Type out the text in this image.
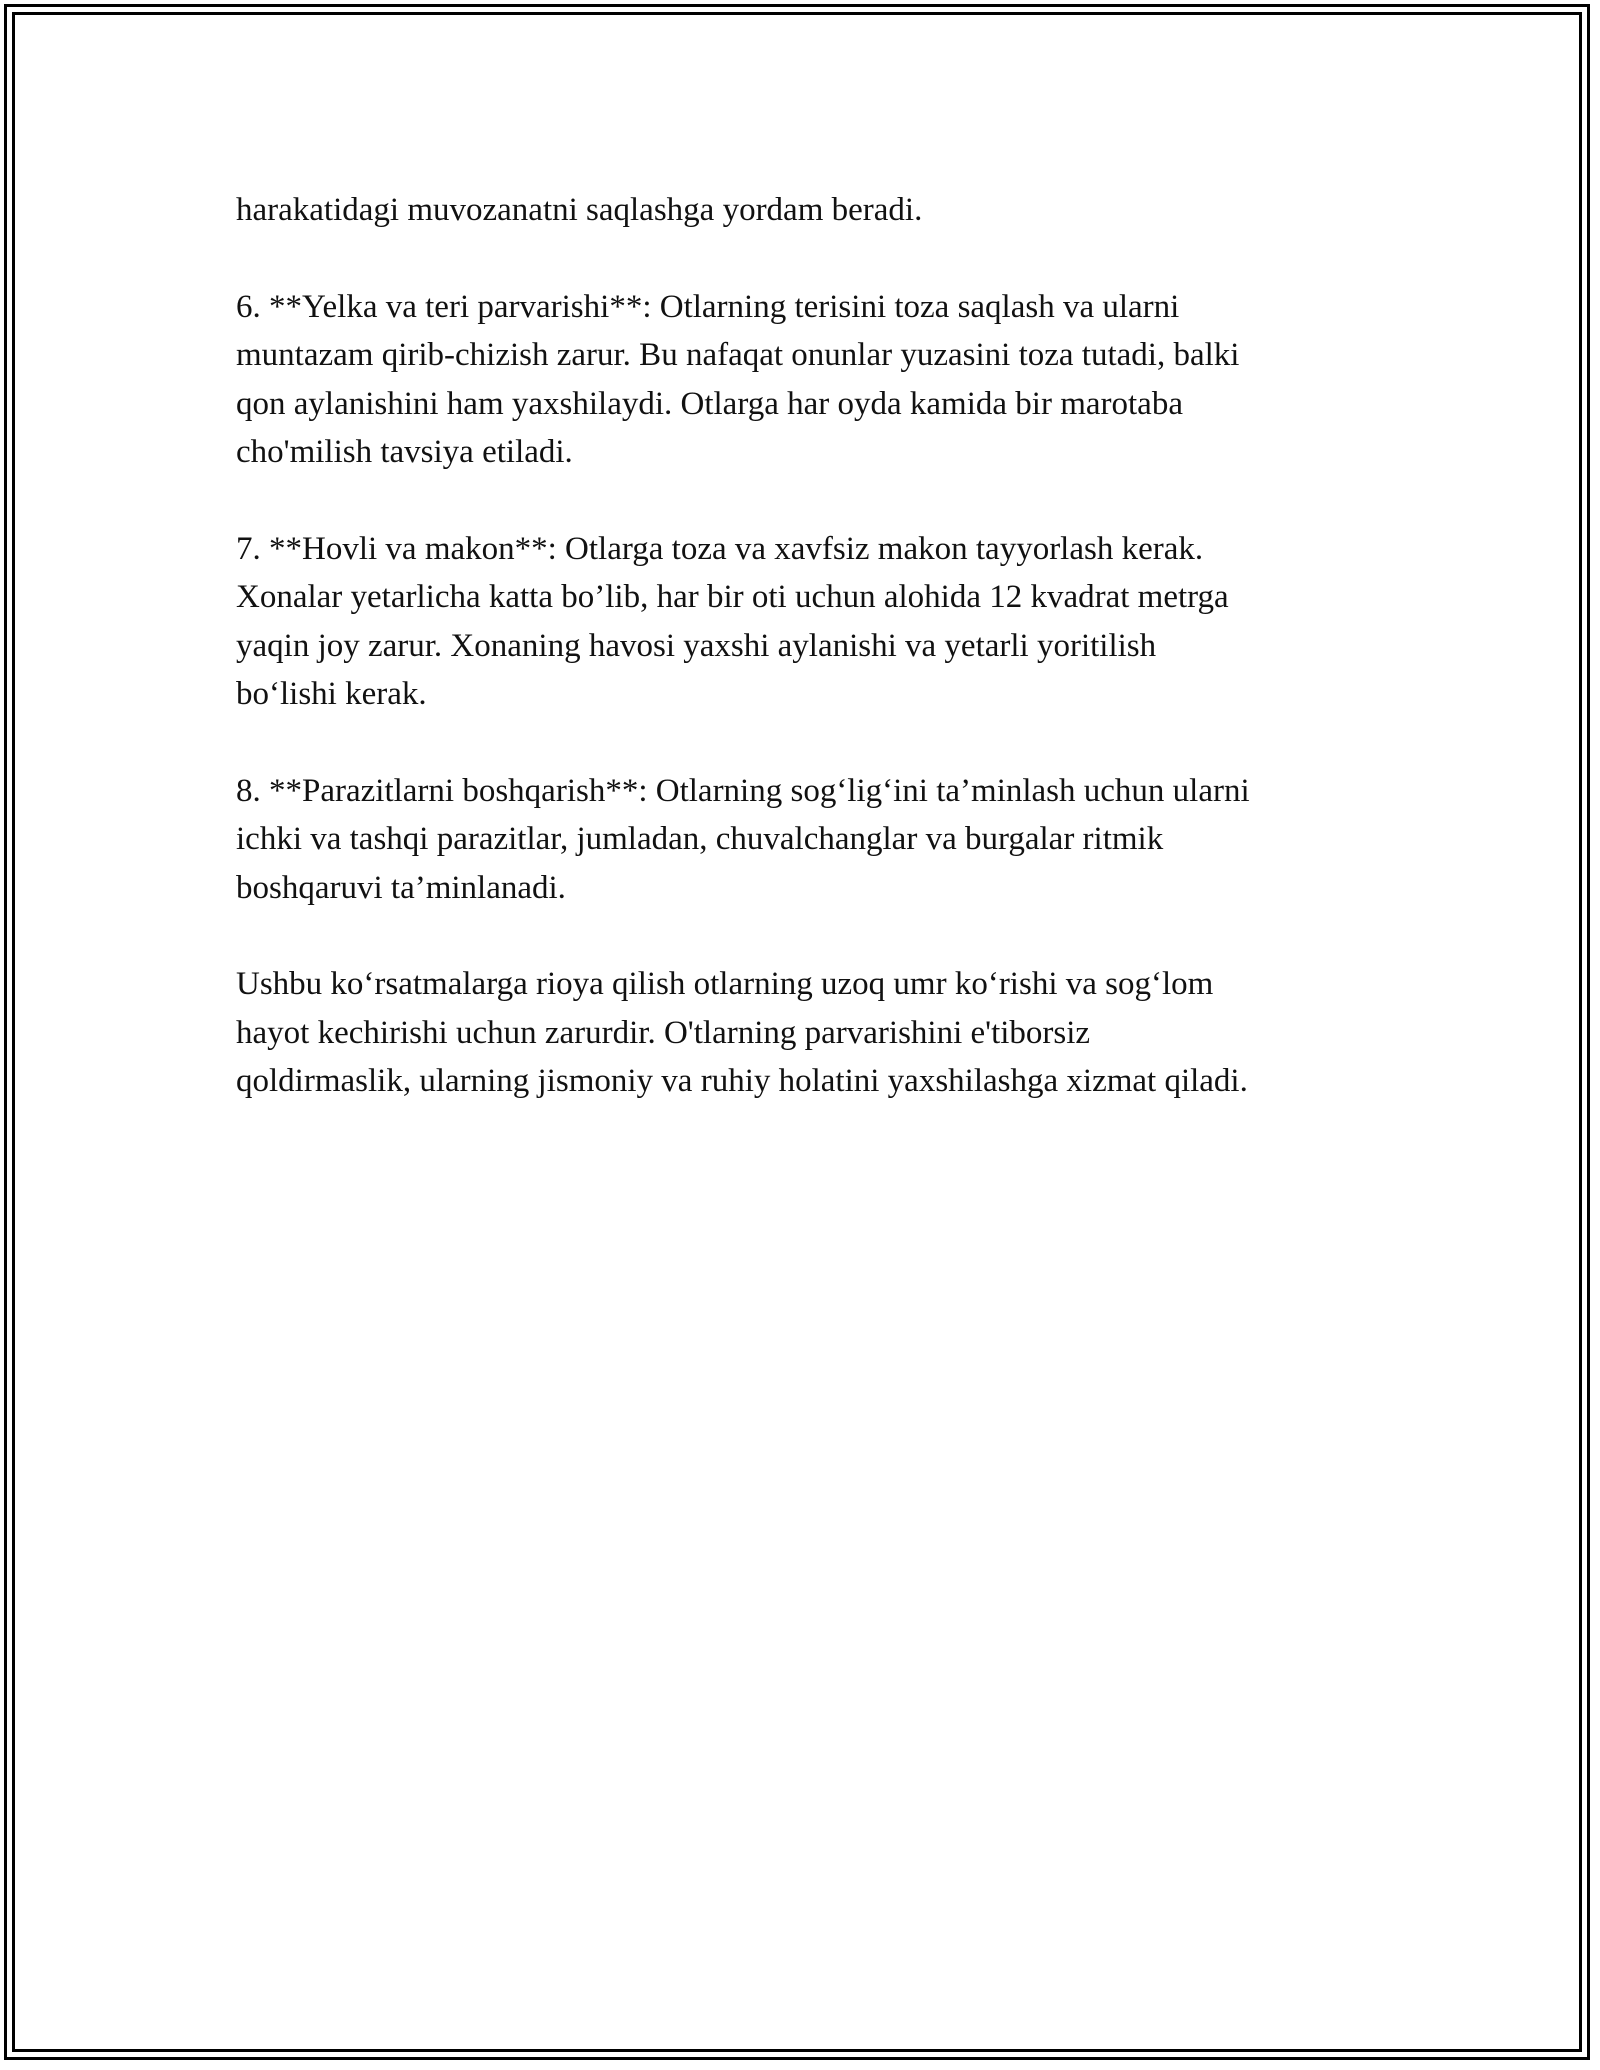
harakatidagi muvozanatni saqlashga yordam beradi.

6. **Yelka va teri parvarishi**: Otlarning terisini toza saqlash va ularni
muntazam qirib-chizish zarur. Bu nafaqat onunlar yuzasini toza tutadi, balki
qon aylanishini ham yaxshilaydi. Otlarga har oyda kamida bir marotaba
cho'milish tavsiya etiladi.

7. **Hovli va makon**: Otlarga toza va xavfsiz makon tayyorlash kerak.
Xonalar yetarlicha katta bo’lib, har bir oti uchun alohida 12 kvadrat metrga
yaqin joy zarur. Xonaning havosi yaxshi aylanishi va yetarli yoritilish
bo‘lishi kerak.

8. **Parazitlarni boshqarish**: Otlarning sog‘lig‘ini ta’minlash uchun ularni
ichki va tashqi parazitlar, jumladan, chuvalchanglar va burgalar ritmik
boshqaruvi ta’minlanadi.

Ushbu ko‘rsatmalarga rioya qilish otlarning uzoq umr ko‘rishi va sog‘lom
hayot kechirishi uchun zarurdir. O'tlarning parvarishini e'tiborsiz
qoldirmaslik, ularning jismoniy va ruhiy holatini yaxshilashga xizmat qiladi.
